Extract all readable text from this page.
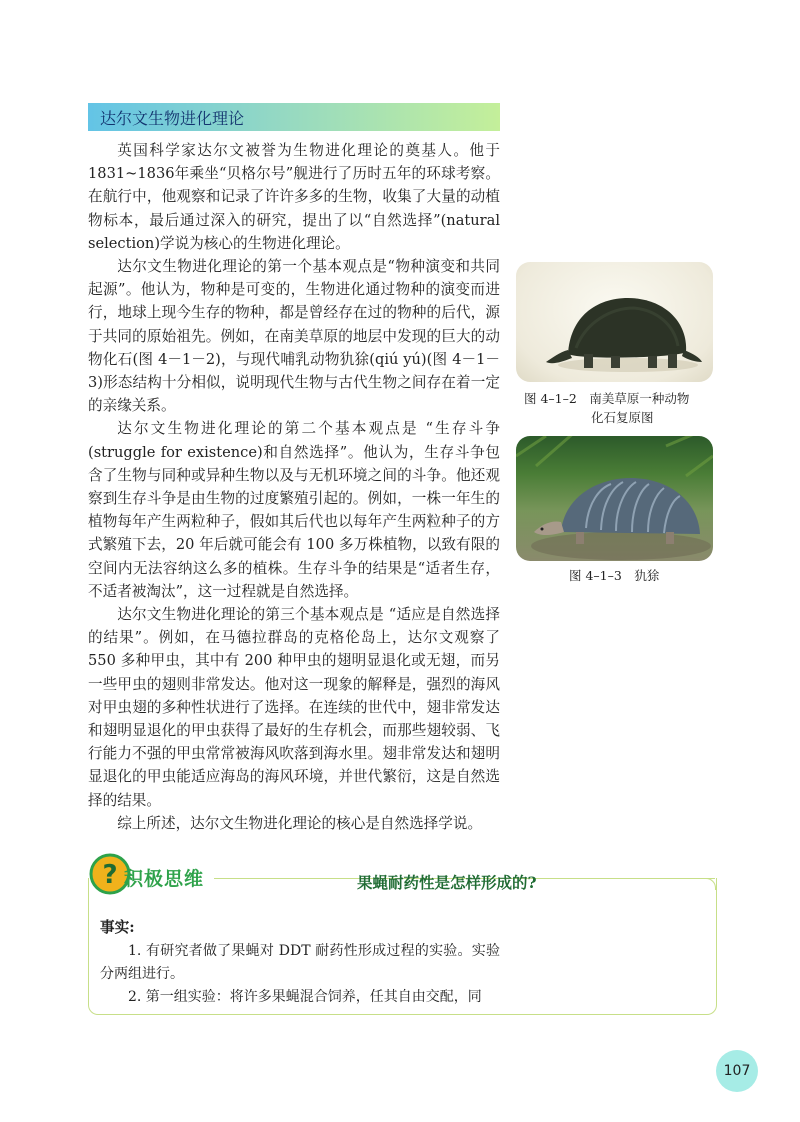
达尔文生物进化理论

英国科学家达尔文被誉为生物进化理论的奠基人。他于1831~1836年乘坐“贝格尔号”舰进行了历时五年的环球考察。在航行中，他观察和记录了许许多多的生物，收集了大量的动植物标本，最后通过深入的研究，提出了以“自然选择”(natural selection)学说为核心的生物进化理论。

达尔文生物进化理论的第一个基本观点是“物种演变和共同起源”。他认为，物种是可变的，生物进化通过物种的演变而进行，地球上现今生存的物种，都是曾经存在过的物种的后代，源于共同的原始祖先。例如，在南美草原的地层中发现的巨大的动物化石(图 4－1－2)，与现代哺乳动物犰狳(qiú yú)(图 4－1－3)形态结构十分相似，说明现代生物与古代生物之间存在着一定的亲缘关系。

达尔文生物进化理论的第二个基本观点是 “生存斗争(struggle for existence)和自然选择”。他认为，生存斗争包含了生物与同种或异种生物以及与无机环境之间的斗争。他还观察到生存斗争是由生物的过度繁殖引起的。例如，一株一年生的植物每年产生两粒种子，假如其后代也以每年产生两粒种子的方式繁殖下去，20 年后就可能会有 100 多万株植物，以致有限的空间内无法容纳这么多的植株。生存斗争的结果是“适者生存，不适者被淘汰”，这一过程就是自然选择。

达尔文生物进化理论的第三个基本观点是 “适应是自然选择的结果”。例如，在马德拉群岛的克格伦岛上，达尔文观察了 550 多种甲虫，其中有 200 种甲虫的翅明显退化或无翅，而另一些甲虫的翅则非常发达。他对这一现象的解释是，强烈的海风对甲虫翅的多种性状进行了选择。在连续的世代中，翅非常发达和翅明显退化的甲虫获得了最好的生存机会，而那些翅较弱、飞行能力不强的甲虫常常被海风吹落到海水里。翅非常发达和翅明显退化的甲虫能适应海岛的海风环境，并世代繁衍，这是自然选择的结果。

综上所述，达尔文生物进化理论的核心是自然选择学说。

图 4–1–2　南美草原一种动物
化石复原图
图 4–1–3　犰狳
? 积极思维	果蝇耐药性是怎样形成的?
事实:

1. 有研究者做了果蝇对 DDT 耐药性形成过程的实验。实验分两组进行。

2. 第一组实验：将许多果蝇混合饲养，任其自由交配，同

107
